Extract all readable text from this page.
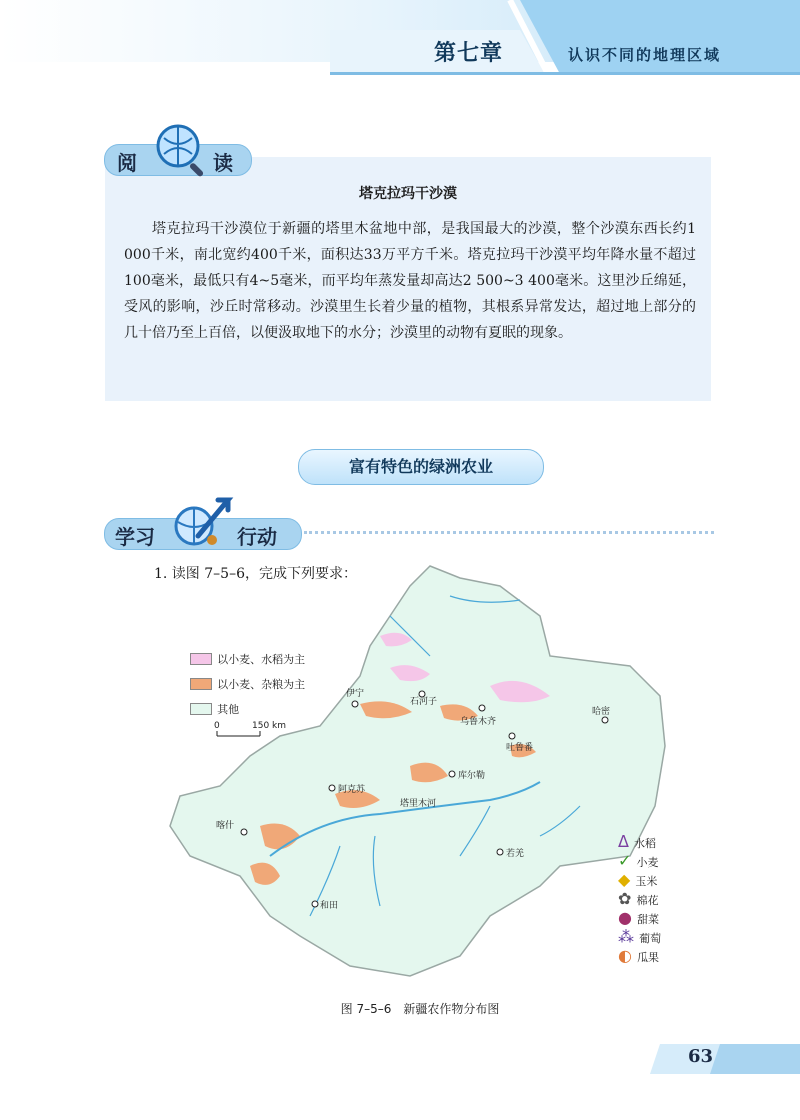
第七章	认识不同的地理区域
阅	读
塔克拉玛干沙漠

塔克拉玛干沙漠位于新疆的塔里木盆地中部，是我国最大的沙漠，整个沙漠东西长约1 000千米，南北宽约400千米，面积达33万平方千米。塔克拉玛干沙漠平均年降水量不超过100毫米，最低只有4~5毫米，而平均年蒸发量却高达2 500~3 400毫米。这里沙丘绵延，受风的影响，沙丘时常移动。沙漠里生长着少量的植物，其根系异常发达，超过地上部分的几十倍乃至上百倍，以便汲取地下的水分；沙漠里的动物有夏眠的现象。

富有特色的绿洲农业
学习	行动
1. 读图 7–5–6，完成下列要求：
伊宁
石河子
乌鲁木齐
吐鲁番
哈密
库尔勒
阿克苏
喀什
和田
若羌
塔里木河
0	150 km
以小麦、水稻为主
以小麦、杂粮为主
其他
ᐃ 水稻
✓ 小麦
◆ 玉米
✿ 棉花
● 甜菜
⁂ 葡萄
◐ 瓜果
图 7–5–6　新疆农作物分布图
63
